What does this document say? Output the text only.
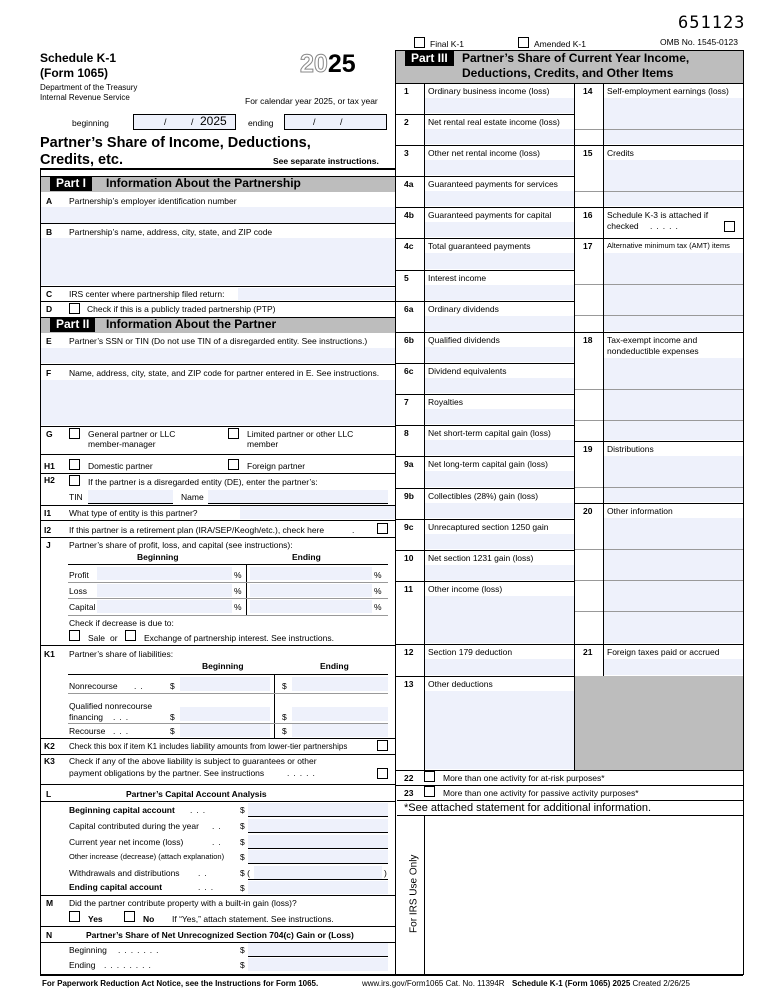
651123
Final K-1	Amended K-1	OMB No. 1545-0123
Schedule K-1
(Form 1065)
Department of the Treasury
Internal Revenue Service
2025
For calendar year 2025, or tax year
beginning	/	/ 2025	ending	/	/
Partner’s Share of Income, Deductions,
Credits, etc.	See separate instructions.
Part I	Information About the Partnership
A Partnership’s employer identification number
B Partnership’s name, address, city, state, and ZIP code
C IRS center where partnership filed return:
D	Check if this is a publicly traded partnership (PTP)
Part II	Information About the Partner
E Partner’s SSN or TIN (Do not use TIN of a disregarded entity. See instructions.)
F Name, address, city, state, and ZIP code for partner entered in E. See instructions.
G	General partner or LLC
member-manager
Limited partner or other LLC
member
H1	Domestic partner	Foreign partner
H2	If the partner is a disregarded entity (DE), enter the partner’s:
TIN	Name
I1 What type of entity is this partner?
I2 If this partner is a retirement plan (IRA/SEP/Keogh/etc.), check here	.
J Partner’s share of profit, loss, and capital (see instructions):
Beginning	Ending
Profit	%	%
Loss	%	%
Capital	%	%
Check if decrease is due to:
Sale or	Exchange of partnership interest. See instructions.
K1 Partner’s share of liabilities:
Beginning	Ending
Nonrecourse ..	$	$
Qualified nonrecourse
financing ...	$	$
Recourse ...	$	$
K2 Check this box if item K1 includes liability amounts from lower-tier partnerships
K3 Check if any of the above liability is subject to guarantees or other
payment obligations by the partner. See instructions	.....
L	Partner’s Capital Account Analysis
Beginning capital account ...	$
Capital contributed during the year .. $
Current year net income (loss)	.. $
Other increase (decrease) (attach explanation) $
Withdrawals and distributions ..	$ (	)
Ending capital account	...	$
M Did the partner contribute property with a built-in gain (loss)?
Yes	No If “Yes,” attach statement. See instructions.
N	Partner’s Share of Net Unrecognized Section 704(c) Gain or (Loss)
Beginning .......	$
Ending ........	$
Part III	Partner’s Share of Current Year Income,
Deductions, Credits, and Other Items
1 Ordinary business income (loss)
2 Net rental real estate income (loss)
3 Other net rental income (loss)
4a Guaranteed payments for services
4b Guaranteed payments for capital
4c Total guaranteed payments
5 Interest income
6a Ordinary dividends
6b Qualified dividends
6c Dividend equivalents
7 Royalties
8 Net short-term capital gain (loss)
9a Net long-term capital gain (loss)
9b Collectibles (28%) gain (loss)
9c Unrecaptured section 1250 gain
10 Net section 1231 gain (loss)
11 Other income (loss)
12 Section 179 deduction
13 Other deductions
14 Self-employment earnings (loss)
15 Credits
16 Schedule K-3 is attached if
checked .....
17 Alternative minimum tax (AMT) items
18 Tax-exempt income and
nondeductible expenses
19 Distributions
20 Other information
21 Foreign taxes paid or accrued
22	More than one activity for at-risk purposes*
23	More than one activity for passive activity purposes*
*See attached statement for additional information.
For IRS Use Only
For Paperwork Reduction Act Notice, see the Instructions for Form 1065.	www.irs.gov/Form1065 Cat. No. 11394R Schedule K-1 (Form 1065) 2025 Created 2/26/25
